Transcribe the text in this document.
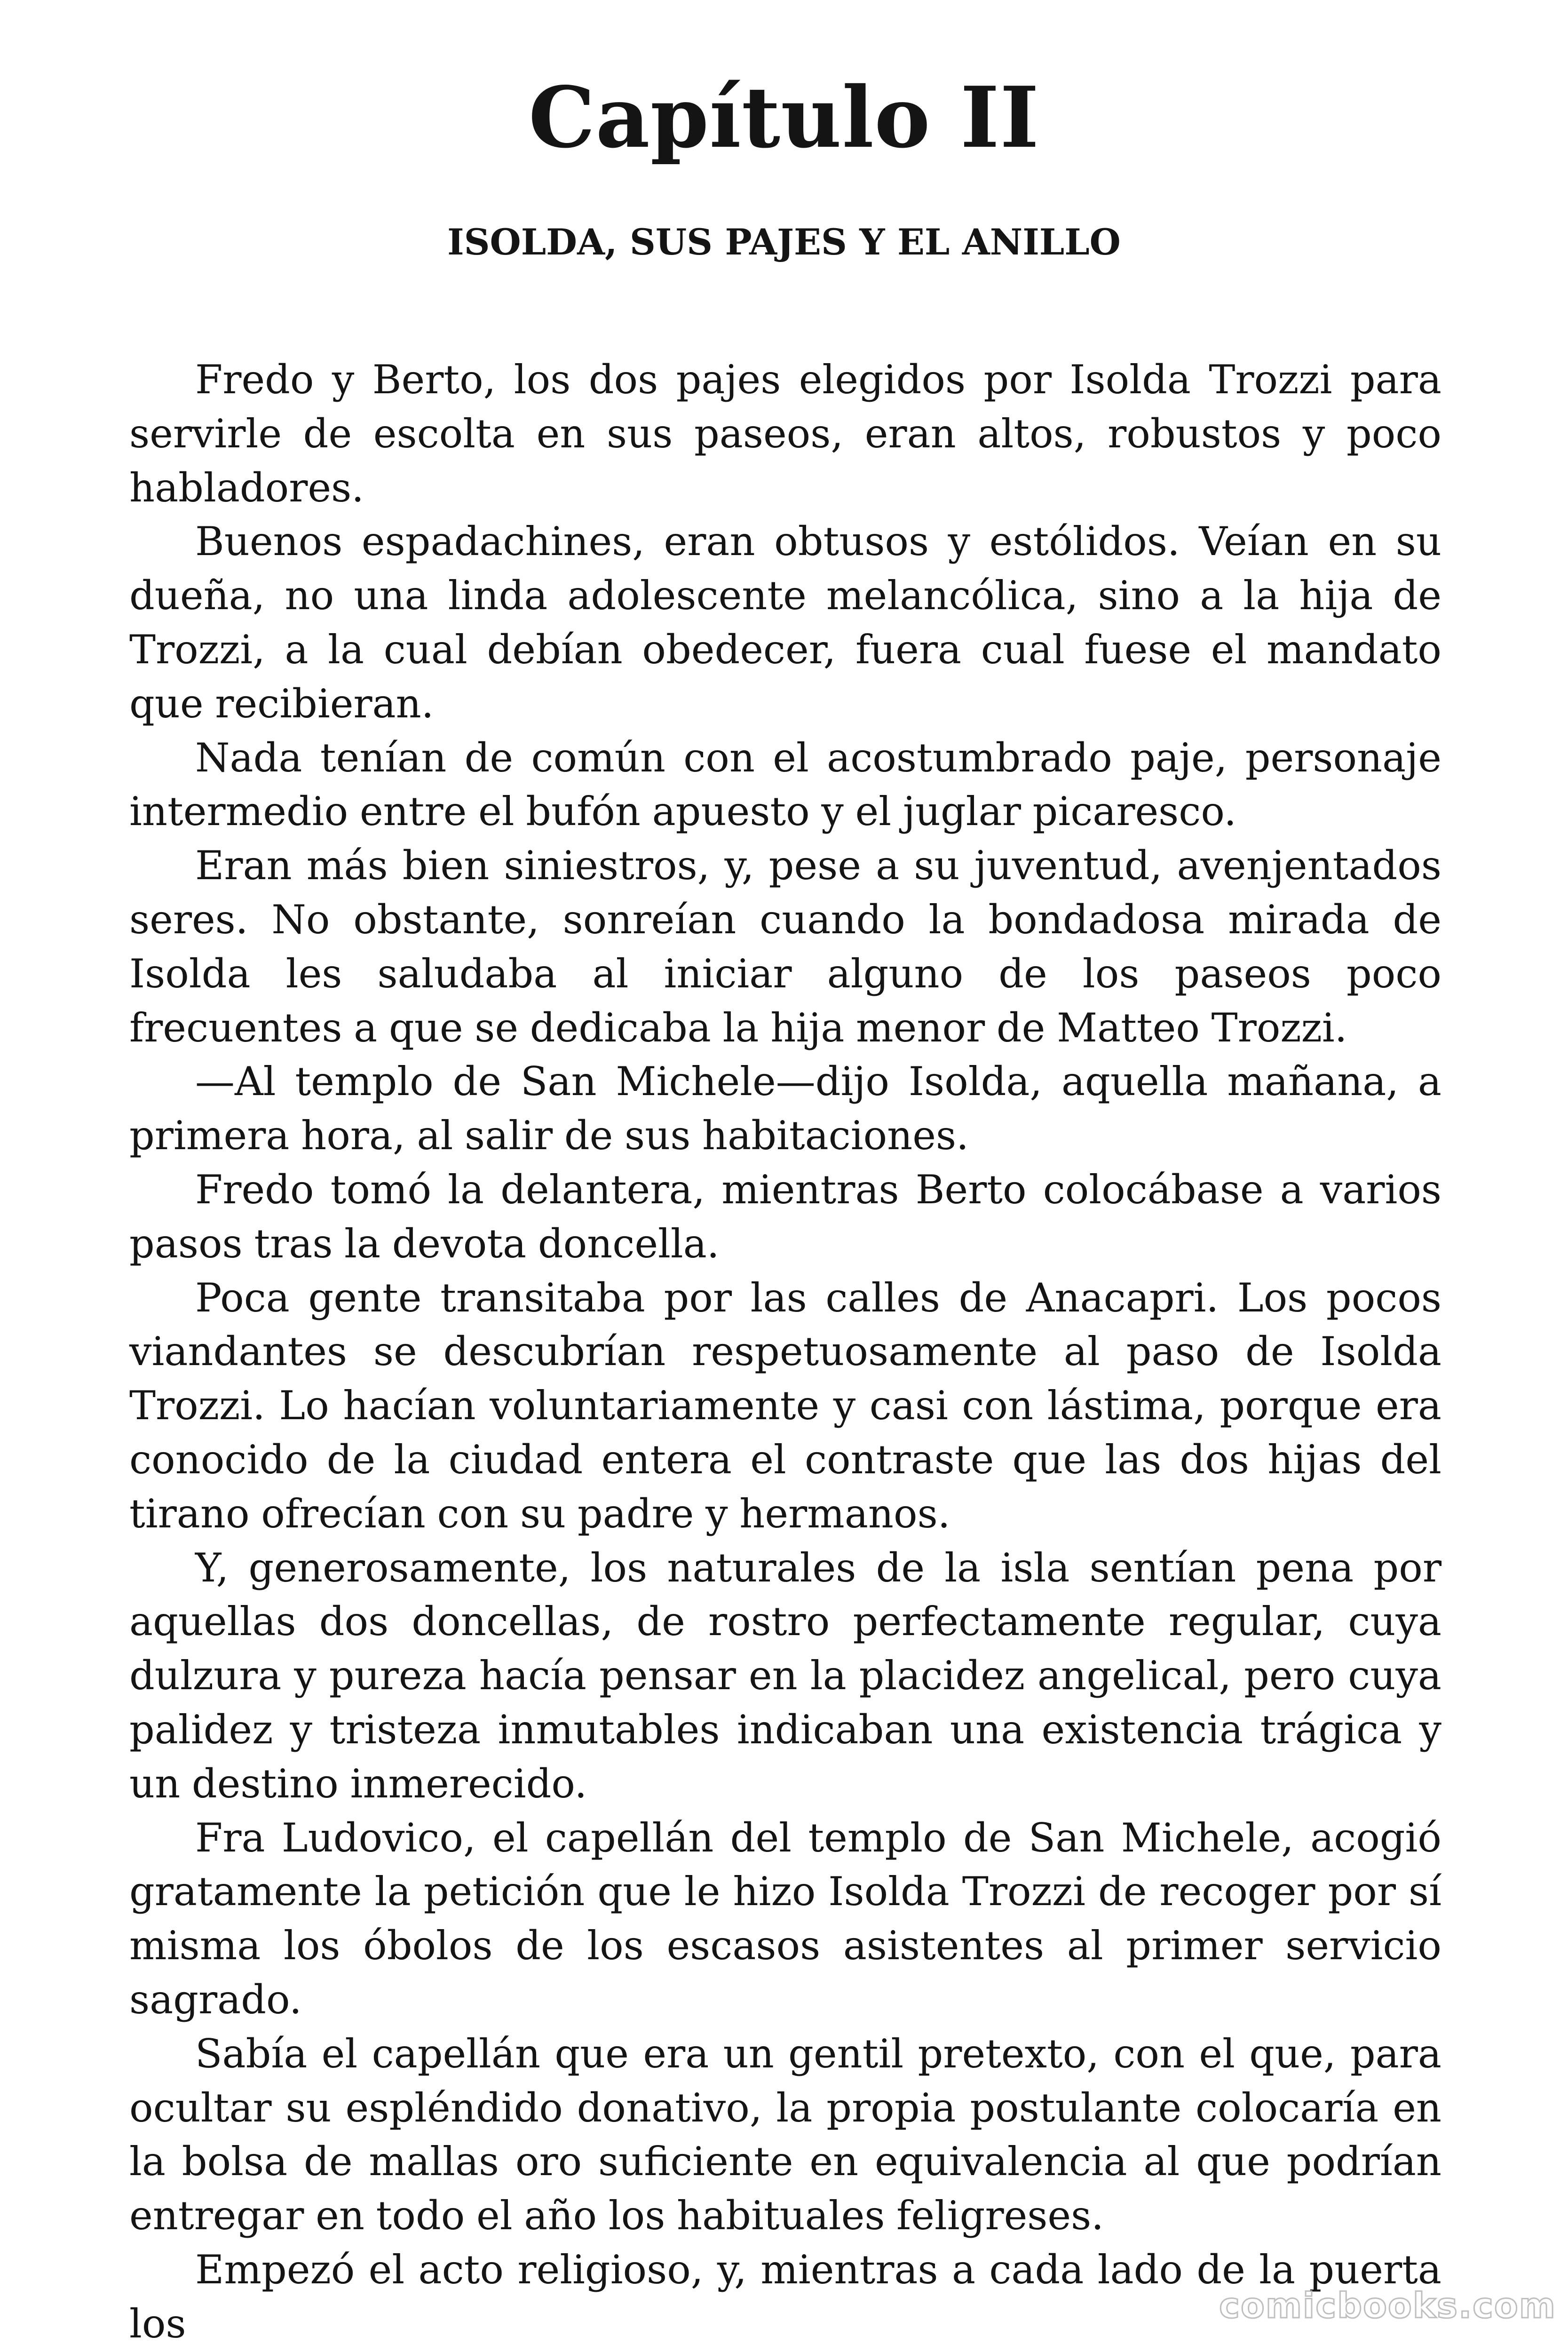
Capítulo II
ISOLDA, SUS PAJES Y EL ANILLO

Fredo y Berto, los dos pajes elegidos por Isolda Trozzi para servirle de escolta en sus paseos, eran altos, robustos y poco habladores.

Buenos espadachines, eran obtusos y estólidos. Veían en su dueña, no una linda adolescente melancólica, sino a la hija de Trozzi, a la cual debían obedecer, fuera cual fuese el mandato que recibieran.

Nada tenían de común con el acostumbrado paje, personaje intermedio entre el bufón apuesto y el juglar picaresco.

Eran más bien siniestros, y, pese a su juventud, avenjentados seres. No obstante, sonreían cuando la bondadosa mirada de Isolda les saludaba al iniciar alguno de los paseos poco frecuentes a que se dedicaba la hija menor de Matteo Trozzi.

—Al templo de San Michele—dijo Isolda, aquella mañana, a primera hora, al salir de sus habitaciones.

Fredo tomó la delantera, mientras Berto colocábase a varios pasos tras la devota doncella.

Poca gente transitaba por las calles de Anacapri. Los pocos viandantes se descubrían respetuosamente al paso de Isolda Trozzi. Lo hacían voluntariamente y casi con lástima, porque era conocido de la ciudad entera el contraste que las dos hijas del tirano ofrecían con su padre y hermanos.

Y, generosamente, los naturales de la isla sentían pena por aquellas dos doncellas, de rostro perfectamente regular, cuya dulzura y pureza hacía pensar en la placidez angelical, pero cuya palidez y tristeza inmutables indicaban una existencia trágica y un destino inmerecido.

Fra Ludovico, el capellán del templo de San Michele, acogió gratamente la petición que le hizo Isolda Trozzi de recoger por sí misma los óbolos de los escasos asistentes al primer servicio sagrado.

Sabía el capellán que era un gentil pretexto, con el que, para ocultar su espléndido donativo, la propia postulante colocaría en la bolsa de mallas oro suficiente en equivalencia al que podrían entregar en todo el año los habituales feligreses.

Empezó el acto religioso, y, mientras a cada lado de la puerta los	comicbooks.com
